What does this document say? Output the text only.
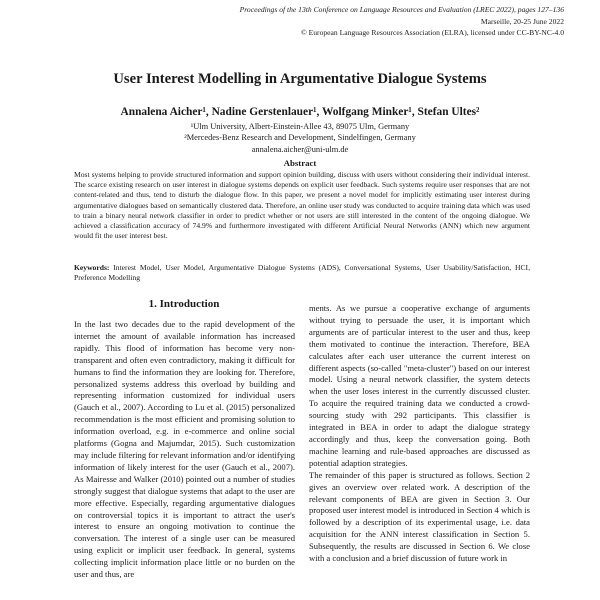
Proceedings of the 13th Conference on Language Resources and Evaluation (LREC 2022), pages 127–136
Marseille, 20-25 June 2022
© European Language Resources Association (ELRA), licensed under CC-BY-NC-4.0
User Interest Modelling in Argumentative Dialogue Systems
Annalena Aicher¹, Nadine Gerstenlauer¹, Wolfgang Minker¹, Stefan Ultes²
¹Ulm University, Albert-Einstein-Allee 43, 89075 Ulm, Germany
²Mercedes-Benz Research and Development, Sindelfingen, Germany
annalena.aicher@uni-ulm.de
Abstract
Most systems helping to provide structured information and support opinion building, discuss with users without considering their individual interest. The scarce existing research on user interest in dialogue systems depends on explicit user feedback. Such systems require user responses that are not content-related and thus, tend to disturb the dialogue flow. In this paper, we present a novel model for implicitly estimating user interest during argumentative dialogues based on semantically clustered data. Therefore, an online user study was conducted to acquire training data which was used to train a binary neural network classifier in order to predict whether or not users are still interested in the content of the ongoing dialogue. We achieved a classification accuracy of 74.9% and furthermore investigated with different Artificial Neural Networks (ANN) which new argument would fit the user interest best.
Keywords: Interest Model, User Model, Argumentative Dialogue Systems (ADS), Conversational Systems, User Usability/Satisfaction, HCI, Preference Modelling
1. Introduction

In the last two decades due to the rapid development of the internet the amount of available information has increased rapidly. This flood of information has become very non-transparent and often even contradictory, making it difficult for humans to find the information they are looking for. Therefore, personalized systems address this overload by building and representing information customized for individual users (Gauch et al., 2007). According to Lu et al. (2015) personalized recommendation is the most efficient and promising solution to information overload, e.g. in e-commerce and online social platforms (Gogna and Majumdar, 2015). Such customization may include filtering for relevant information and/or identifying information of likely interest for the user (Gauch et al., 2007). As Mairesse and Walker (2010) pointed out a number of studies strongly suggest that dialogue systems that adapt to the user are more effective. Especially, regarding argumentative dialogues on controversial topics it is important to attract the user's interest to ensure an ongoing motivation to continue the conversation. The interest of a single user can be measured using explicit or implicit user feedback. In general, systems collecting implicit information place little or no burden on the user and thus, are

ments. As we pursue a cooperative exchange of arguments without trying to persuade the user, it is important which arguments are of particular interest to the user and thus, keep them motivated to continue the interaction. Therefore, BEA calculates after each user utterance the current interest on different aspects (so-called "meta-cluster") based on our interest model. Using a neural network classifier, the system detects when the user loses interest in the currently discussed cluster. To acquire the required training data we conducted a crowd-sourcing study with 292 participants. This classifier is integrated in BEA in order to adapt the dialogue strategy accordingly and thus, keep the conversation going. Both machine learning and rule-based approaches are discussed as potential adaption strategies.

The remainder of this paper is structured as follows. Section 2 gives an overview over related work. A description of the relevant components of BEA are given in Section 3. Our proposed user interest model is introduced in Section 4 which is followed by a description of its experimental usage, i.e. data acquisition for the ANN interest classification in Section 5. Subsequently, the results are discussed in Section 6. We close with a conclusion and a brief discussion of future work in
